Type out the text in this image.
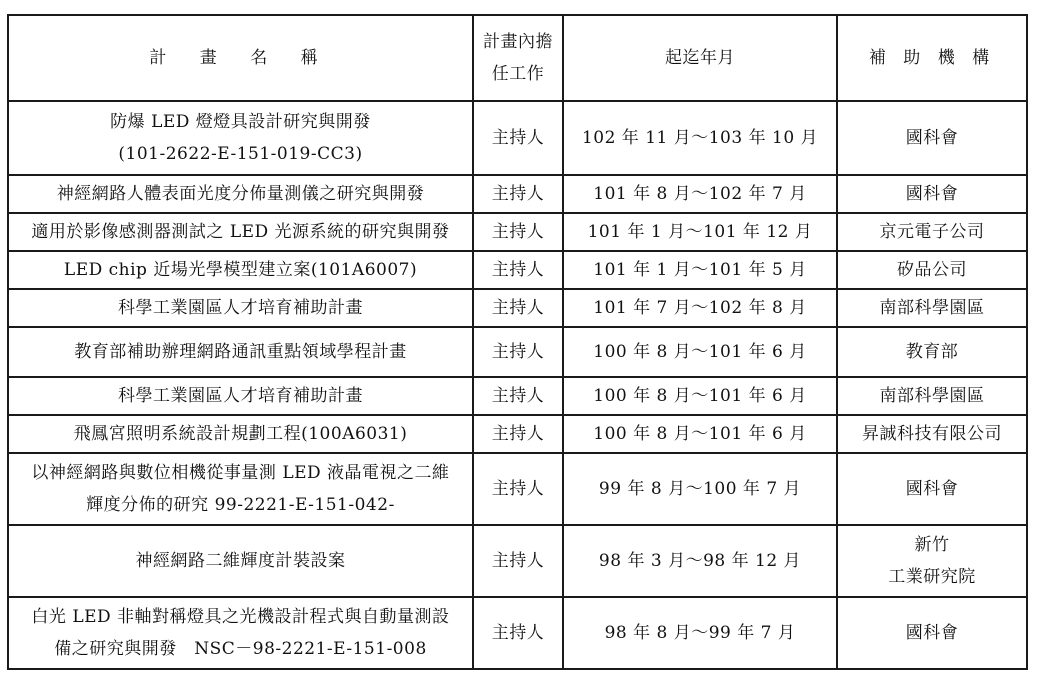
計 畫 名 稱	計畫內擔
任工作	起迄年月	補 助 機 構

防爆 LED 燈燈具設計研究與開發
(101-2622-E-151-019-CC3)	主持人	102 年 11 月～103 年 10 月	國科會

神經網路人體表面光度分佈量測儀之研究與開發	主持人	101 年 8 月～102 年 7 月	國科會

適用於影像感測器測試之 LED 光源系統的研究與開發	主持人	101 年 1 月～101 年 12 月	京元電子公司

LED chip 近場光學模型建立案(101A6007)	主持人	101 年 1 月～101 年 5 月	矽品公司

科學工業園區人才培育補助計畫	主持人	101 年 7 月～102 年 8 月	南部科學園區

教育部補助辦理網路通訊重點領域學程計畫	主持人	100 年 8 月～101 年 6 月	教育部

科學工業園區人才培育補助計畫	主持人	100 年 8 月～101 年 6 月	南部科學園區

飛鳳宮照明系統設計規劃工程(100A6031)	主持人	100 年 8 月～101 年 6 月	昇誠科技有限公司

以神經網路與數位相機從事量測 LED 液晶電視之二維
輝度分佈的研究 99-2221-E-151-042-	主持人	99 年 8 月～100 年 7 月	國科會

神經網路二維輝度計裝設案	主持人	98 年 3 月～98 年 12 月	新竹
工業研究院

白光 LED 非軸對稱燈具之光機設計程式與自動量測設
備之研究與開發　NSC－98-2221-E-151-008	主持人	98 年 8 月～99 年 7 月	國科會
